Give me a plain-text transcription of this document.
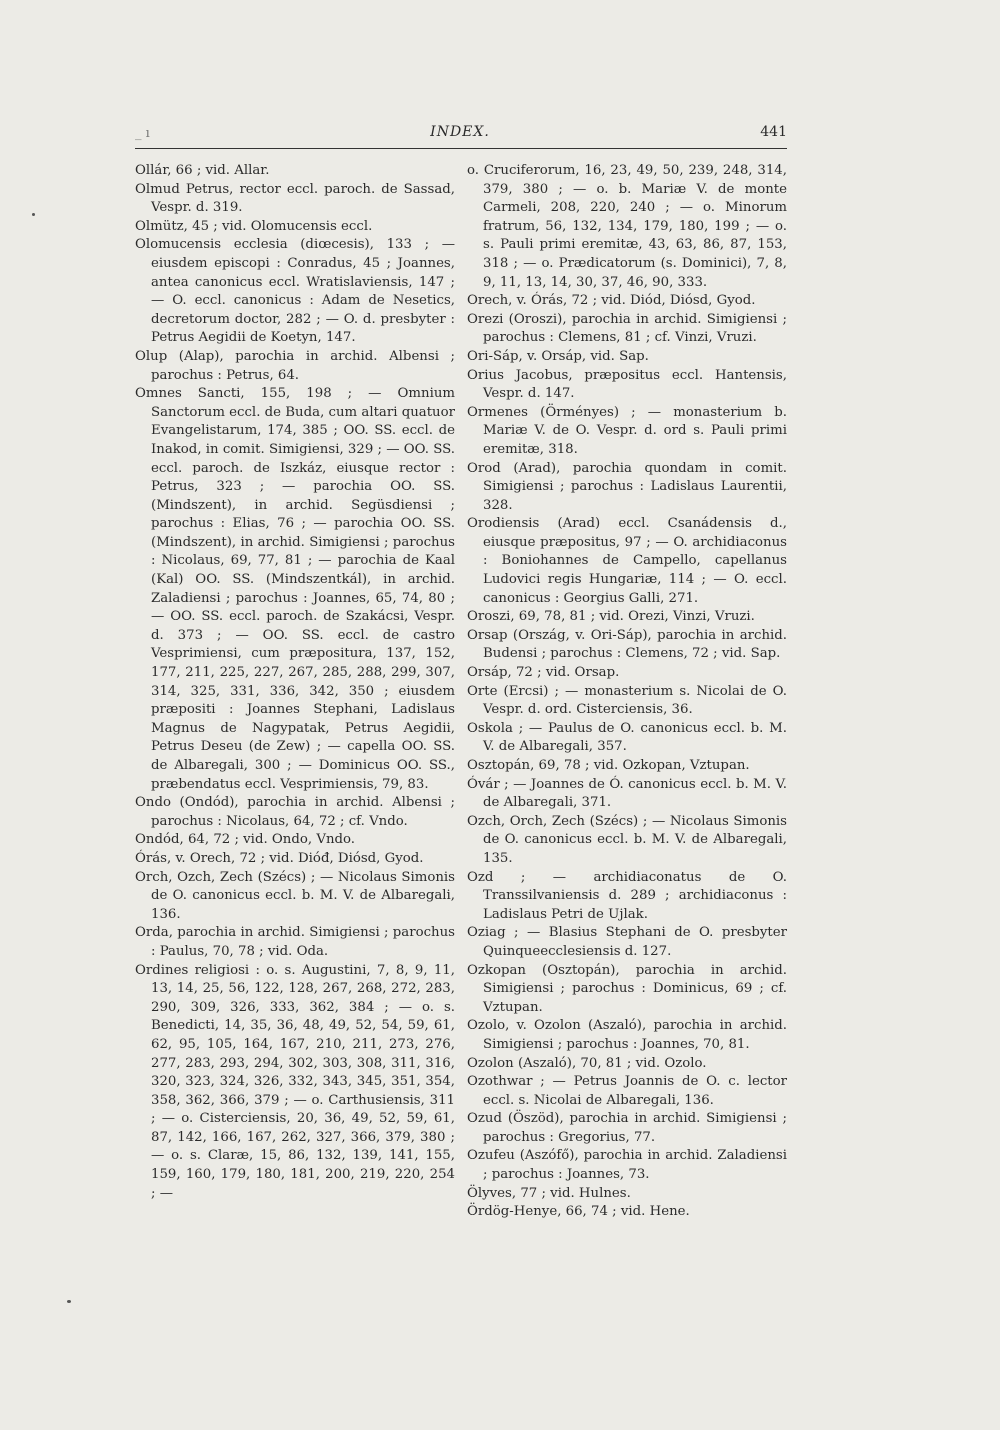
_ ı	INDEX.	441

Ollár, 66 ; vid. Allar.

Olmud Petrus, rector eccl. paroch. de Sassad, Vespr. d. 319.

Olmütz, 45 ; vid. Olomucensis eccl.

Olomucensis ecclesia (diœcesis), 133 ; — eiusdem episcopi : Conradus, 45 ; Joannes, antea canonicus eccl. Wratislaviensis, 147 ; — O. eccl. canonicus : Adam de Nesetics, decretorum doctor, 282 ; — O. d. presbyter : Petrus Aegidii de Koetyn, 147.

Olup (Alap), parochia in archid. Albensi ; parochus : Petrus, 64.

Omnes Sancti, 155, 198 ; — Omnium Sanctorum eccl. de Buda, cum altari quatuor Evangelistarum, 174, 385 ; OO. SS. eccl. de Inakod, in comit. Simigiensi, 329 ; — OO. SS. eccl. paroch. de Iszkáz, eiusque rector : Petrus, 323 ; — parochia OO. SS. (Mindszent), in archid. Següsdiensi ; parochus : Elias, 76 ; — parochia OO. SS. (Mindszent), in archid. Simigiensi ; parochus : Nicolaus, 69, 77, 81 ; — parochia de Kaal (Kal) OO. SS. (Mindszentkál), in archid. Zaladiensi ; parochus : Joannes, 65, 74, 80 ; — OO. SS. eccl. paroch. de Szakácsi, Vespr. d. 373 ; — OO. SS. eccl. de castro Vesprimiensi, cum præpositura, 137, 152, 177, 211, 225, 227, 267, 285, 288, 299, 307, 314, 325, 331, 336, 342, 350 ; eiusdem præpositi : Joannes Stephani, Ladislaus Magnus de Nagypatak, Petrus Aegidii, Petrus Deseu (de Zew) ; — capella OO. SS. de Albaregali, 300 ; — Dominicus OO. SS., præbendatus eccl. Vesprimiensis, 79, 83.

Ondo (Ondód), parochia in archid. Albensi ; parochus : Nicolaus, 64, 72 ; cf. Vndo.

Ondód, 64, 72 ; vid. Ondo, Vndo.

Órás, v. Orech, 72 ; vid. Dióđ, Diósd, Gyod.

Orch, Ozch, Zech (Szécs) ; — Nicolaus Simonis de O. canonicus eccl. b. M. V. de Albaregali, 136.

Orda, parochia in archid. Simigiensi ; parochus : Paulus, 70, 78 ; vid. Oda.

Ordines religiosi : o. s. Augustini, 7, 8, 9, 11, 13, 14, 25, 56, 122, 128, 267, 268, 272, 283, 290, 309, 326, 333, 362, 384 ; — o. s. Benedicti, 14, 35, 36, 48, 49, 52, 54, 59, 61, 62, 95, 105, 164, 167, 210, 211, 273, 276, 277, 283, 293, 294, 302, 303, 308, 311, 316, 320, 323, 324, 326, 332, 343, 345, 351, 354, 358, 362, 366, 379 ; — o. Carthusiensis, 311 ; — o. Cisterciensis, 20, 36, 49, 52, 59, 61, 87, 142, 166, 167, 262, 327, 366, 379, 380 ; — o. s. Claræ, 15, 86, 132, 139, 141, 155, 159, 160, 179, 180, 181, 200, 219, 220, 254 ; —

o. Cruciferorum, 16, 23, 49, 50, 239, 248, 314, 379, 380 ; — o. b. Mariæ V. de monte Carmeli, 208, 220, 240 ; — o. Minorum fratrum, 56, 132, 134, 179, 180, 199 ; — o. s. Pauli primi eremitæ, 43, 63, 86, 87, 153, 318 ; — o. Prædicatorum (s. Dominici), 7, 8, 9, 11, 13, 14, 30, 37, 46, 90, 333.

Orech, v. Órás, 72 ; vid. Diód, Diósd, Gyod.

Orezi (Oroszi), parochia in archid. Simigiensi ; parochus : Clemens, 81 ; cf. Vinzi, Vruzi.

Ori-Sáp, v. Orsáp, vid. Sap.

Orius Jacobus, præpositus eccl. Hantensis, Vespr. d. 147.

Ormenes (Örményes) ; — monasterium b. Mariæ V. de O. Vespr. d. ord s. Pauli primi eremitæ, 318.

Orod (Arad), parochia quondam in comit. Simigiensi ; parochus : Ladislaus Laurentii, 328.

Orodiensis (Arad) eccl. Csanádensis d., eiusque præpositus, 97 ; — O. archidiaconus : Boniohannes de Campello, capellanus Ludovici regis Hungariæ, 114 ; — O. eccl. canonicus : Georgius Galli, 271.

Oroszi, 69, 78, 81 ; vid. Orezi, Vinzi, Vruzi.

Orsap (Ország, v. Ori-Sáp), parochia in archid. Budensi ; parochus : Clemens, 72 ; vid. Sap.

Orsáp, 72 ; vid. Orsap.

Orte (Ercsi) ; — monasterium s. Nicolai de O. Vespr. d. ord. Cisterciensis, 36.

Oskola ; — Paulus de O. canonicus eccl. b. M. V. de Albaregali, 357.

Osztopán, 69, 78 ; vid. Ozkopan, Vztupan.

Óvár ; — Joannes de Ó. canonicus eccl. b. M. V. de Albaregali, 371.

Ozch, Orch, Zech (Szécs) ; — Nicolaus Simonis de O. canonicus eccl. b. M. V. de Albaregali, 135.

Ozd ; — archidiaconatus de O. Transsilvaniensis d. 289 ; archidiaconus : Ladislaus Petri de Ujlak.

Oziag ; — Blasius Stephani de O. presbyter Quinqueecclesiensis d. 127.

Ozkopan (Osztopán), parochia in archid. Simigiensi ; parochus : Dominicus, 69 ; cf. Vztupan.

Ozolo, v. Ozolon (Aszaló), parochia in archid. Simigiensi ; parochus : Joannes, 70, 81.

Ozolon (Aszaló), 70, 81 ; vid. Ozolo.

Ozothwar ; — Petrus Joannis de O. c. lector eccl. s. Nicolai de Albaregali, 136.

Ozud (Öszöd), parochia in archid. Simigiensi ; parochus : Gregorius, 77.

Ozufeu (Aszófő), parochia in archid. Zaladiensi ; parochus : Joannes, 73.

Ölyves, 77 ; vid. Hulnes.

Ördög-Henye, 66, 74 ; vid. Hene.
